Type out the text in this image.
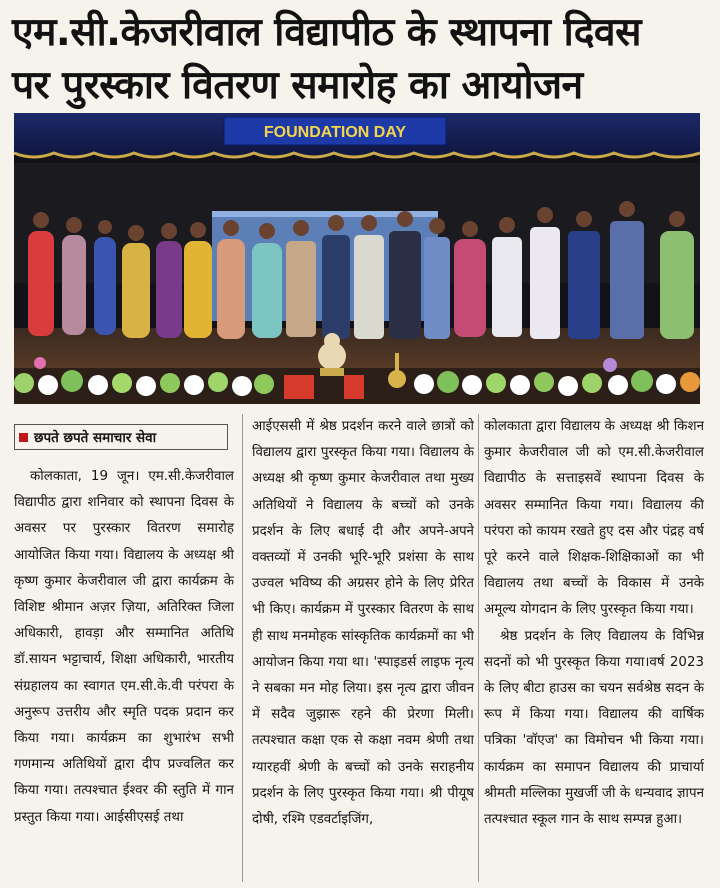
एम.सी.केजरीवाल विद्यापीठ के स्थापना दिवस
पर पुरस्कार वितरण समारोह का आयोजन
FOUNDATION DAY
छपते छपते समाचार सेवा

कोलकाता, 19 जून। एम.सी.केजरीवाल विद्यापीठ द्वारा शनिवार को स्थापना दिवस के अवसर पर पुरस्कार वितरण समारोह आयोजित किया गया। विद्यालय के अध्यक्ष श्री कृष्ण कुमार केजरीवाल जी द्वारा कार्यक्रम के विशिष्ट श्रीमान अज़र ज़िया, अतिरिक्त जिला अधिकारी, हावड़ा और सम्मानित अतिथि डॉ.सायन भट्टाचार्य, शिक्षा अधिकारी, भारतीय संग्रहालय का स्वागत एम.सी.के.वी परंपरा के अनुरूप उत्तरीय और स्मृति पदक प्रदान कर किया गया। कार्यक्रम का शुभारंभ सभी गणमान्य अतिथियों द्वारा दीप प्रज्वलित कर किया गया। तत्पश्चात ईश्वर की स्तुति में गान प्रस्तुत किया गया। आईसीएसई तथा

आईएससी में श्रेष्ठ प्रदर्शन करने वाले छात्रों को विद्यालय द्वारा पुरस्कृत किया गया। विद्यालय के अध्यक्ष श्री कृष्ण कुमार केजरीवाल तथा मुख्य अतिथियों ने विद्यालय के बच्चों को उनके प्रदर्शन के लिए बधाई दी और अपने-अपने वक्तव्यों में उनकी भूरि-भूरि प्रशंसा के साथ उज्वल भविष्य की अग्रसर होने के लिए प्रेरित भी किए। कार्यक्रम में पुरस्कार वितरण के साथ ही साथ मनमोहक सांस्कृतिक कार्यक्रमों का भी आयोजन किया गया था। 'स्पाइडर्स लाइफ नृत्य ने सबका मन मोह लिया। इस नृत्य द्वारा जीवन में सदैव जुझारू रहने की प्रेरणा मिली। तत्पश्चात कक्षा एक से कक्षा नवम श्रेणी तथा ग्यारहवीं श्रेणी के बच्चों को उनके सराहनीय प्रदर्शन के लिए पुरस्कृत किया गया। श्री पीयूष दोषी, रश्मि एडवर्टाइजिंग,

कोलकाता द्वारा विद्यालय के अध्यक्ष श्री किशन कुमार केजरीवाल जी को एम.सी.केजरीवाल विद्यापीठ के सत्ताइसवें स्थापना दिवस के अवसर सम्मानित किया गया। विद्यालय की परंपरा को कायम रखते हुए दस और पंद्रह वर्ष पूरे करने वाले शिक्षक-शिक्षिकाओं का भी विद्यालय तथा बच्चों के विकास में उनके अमूल्य योगदान के लिए पुरस्कृत किया गया।

श्रेष्ठ प्रदर्शन के लिए विद्यालय के विभिन्न सदनों को भी पुरस्कृत किया गया।वर्ष 2023 के लिए बीटा हाउस का चयन सर्वश्रेष्ठ सदन के रूप में किया गया। विद्यालय की वार्षिक पत्रिका 'वॉएज' का विमोचन भी किया गया। कार्यक्रम का समापन विद्यालय की प्राचार्या श्रीमती मल्लिका मुखर्जी जी के धन्यवाद ज्ञापन तत्पश्चात स्कूल गान के साथ सम्पन्न हुआ।
